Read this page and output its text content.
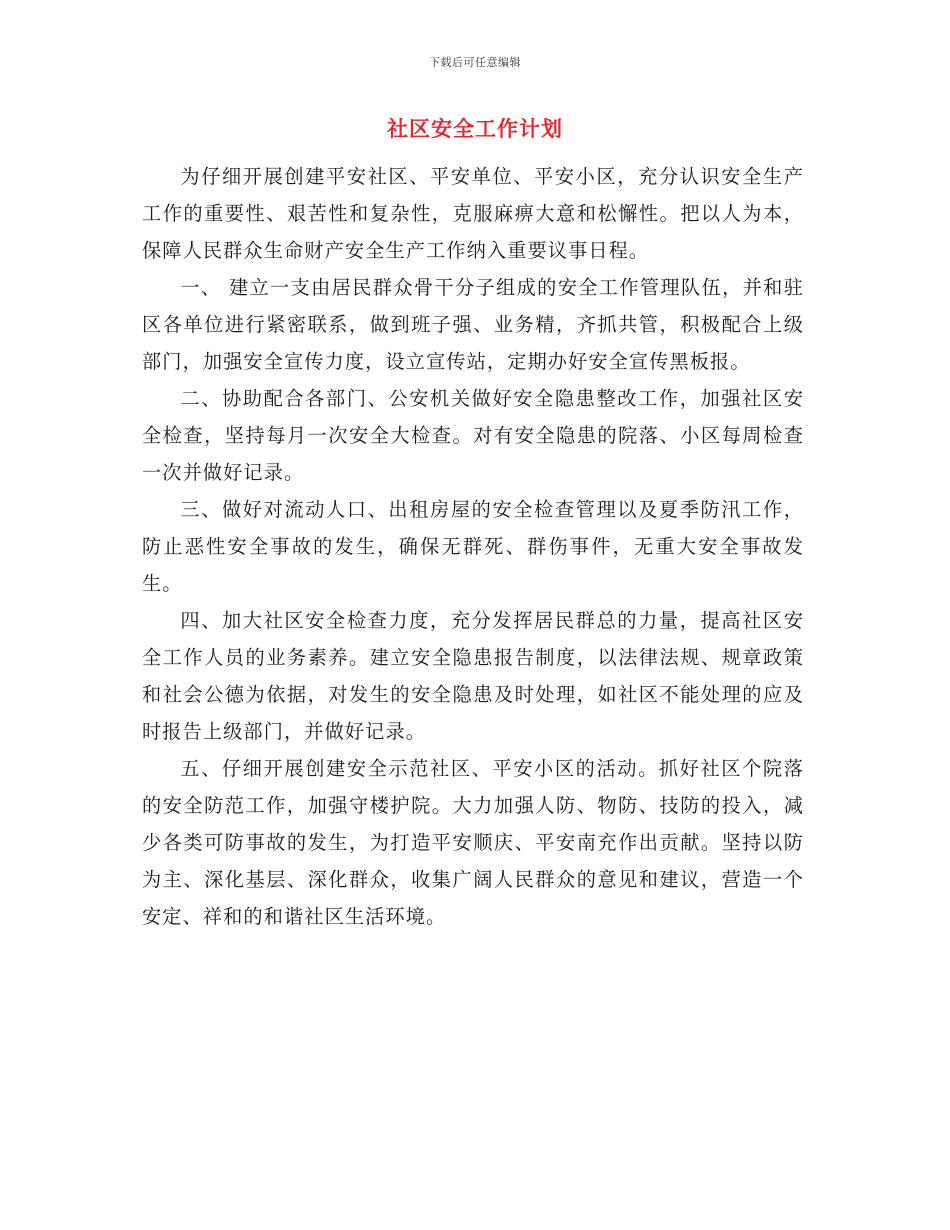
下载后可任意编辑
社区安全工作计划

为仔细开展创建平安社区、平安单位、平安小区，充分认识安全生产工作的重要性、艰苦性和复杂性，克服麻痹大意和松懈性。把以人为本，保障人民群众生命财产安全生产工作纳入重要议事日程。

一、 建立一支由居民群众骨干分子组成的安全工作管理队伍，并和驻区各单位进行紧密联系，做到班子强、业务精，齐抓共管，积极配合上级部门，加强安全宣传力度，设立宣传站，定期办好安全宣传黑板报。

二、协助配合各部门、公安机关做好安全隐患整改工作，加强社区安全检查，坚持每月一次安全大检查。对有安全隐患的院落、小区每周检查一次并做好记录。

三、做好对流动人口、出租房屋的安全检查管理以及夏季防汛工作，防止恶性安全事故的发生，确保无群死、群伤事件，无重大安全事故发生。

四、加大社区安全检查力度，充分发挥居民群总的力量，提高社区安全工作人员的业务素养。建立安全隐患报告制度，以法律法规、规章政策和社会公德为依据，对发生的安全隐患及时处理，如社区不能处理的应及时报告上级部门，并做好记录。

五、仔细开展创建安全示范社区、平安小区的活动。抓好社区个院落的安全防范工作，加强守楼护院。大力加强人防、物防、技防的投入，减少各类可防事故的发生，为打造平安顺庆、平安南充作出贡献。坚持以防为主、深化基层、深化群众，收集广阔人民群众的意见和建议，营造一个安定、祥和的和谐社区生活环境。
